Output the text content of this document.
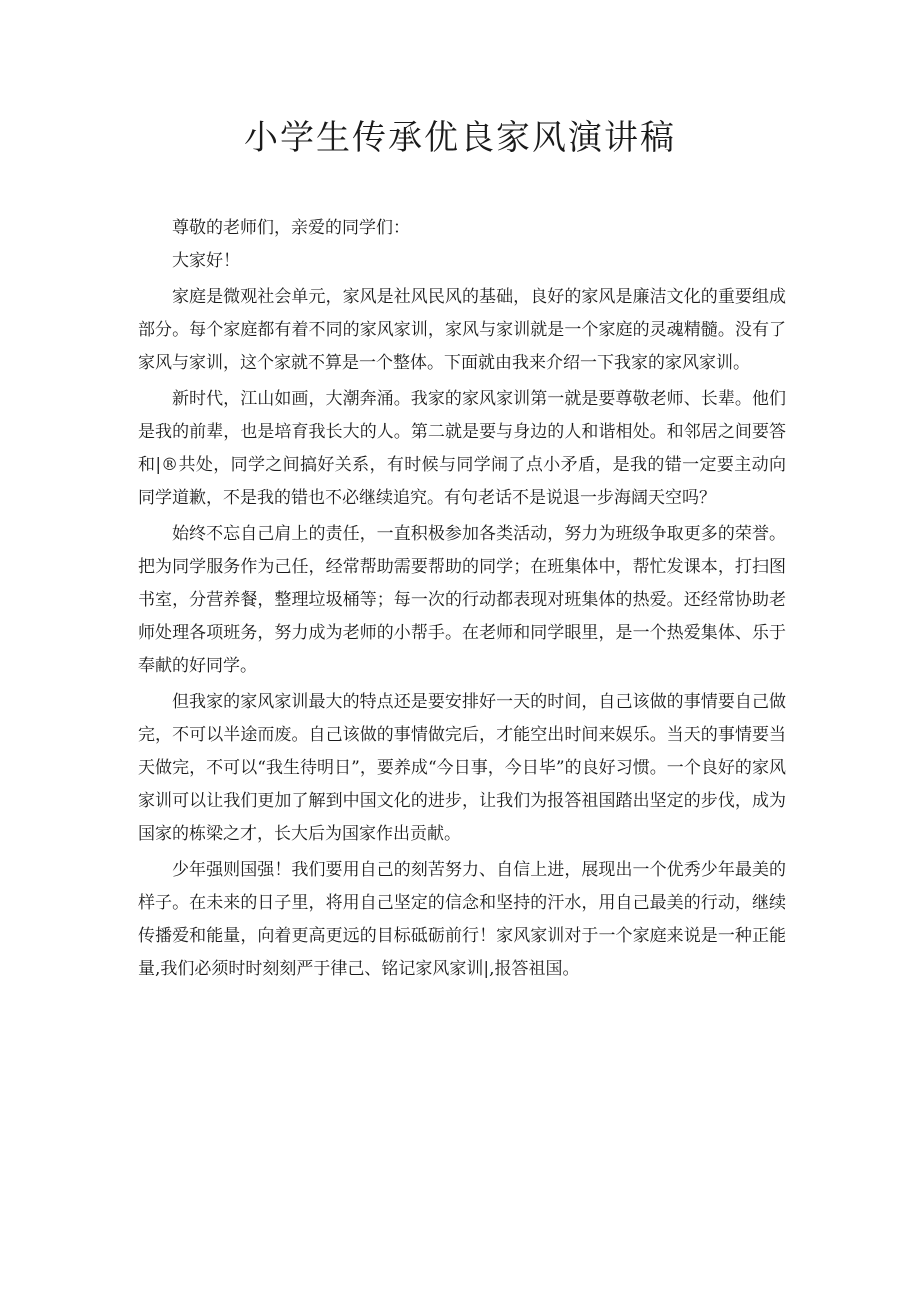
小学生传承优良家风演讲稿

尊敬的老师们，亲爱的同学们：

大家好！

家庭是微观社会单元，家风是社风民风的基础，良好的家风是廉洁文化的重要组成部分。每个家庭都有着不同的家风家训，家风与家训就是一个家庭的灵魂精髓。没有了家风与家训，这个家就不算是一个整体。下面就由我来介绍一下我家的家风家训。

新时代，江山如画，大潮奔涌。我家的家风家训第一就是要尊敬老师、长辈。他们是我的前辈，也是培育我长大的人。第二就是要与身边的人和谐相处。和邻居之间要答和|®共处，同学之间搞好关系，有时候与同学闹了点小矛盾，是我的错一定要主动向同学道歉，不是我的错也不必继续追究。有句老话不是说退一步海阔天空吗？

始终不忘自己肩上的责任，一直积极参加各类活动，努力为班级争取更多的荣誉。把为同学服务作为己任，经常帮助需要帮助的同学；在班集体中，帮忙发课本，打扫图书室，分营养餐，整理垃圾桶等；每一次的行动都表现对班集体的热爱。还经常协助老师处理各项班务，努力成为老师的小帮手。在老师和同学眼里，是一个热爱集体、乐于奉献的好同学。

但我家的家风家训最大的特点还是要安排好一天的时间，自己该做的事情要自己做完，不可以半途而废。自己该做的事情做完后，才能空出时间来娱乐。当天的事情要当天做完，不可以“我生待明日”，要养成“今日事，今日毕”的良好习惯。一个良好的家风家训可以让我们更加了解到中国文化的进步，让我们为报答祖国踏出坚定的步伐，成为国家的栋梁之才，长大后为国家作出贡献。

少年强则国强！我们要用自己的刻苦努力、自信上进，展现出一个优秀少年最美的样子。在未来的日子里，将用自己坚定的信念和坚持的汗水，用自己最美的行动，继续传播爱和能量，向着更高更远的目标砥砺前行！家风家训对于一个家庭来说是一种正能量,我们必须时时刻刻严于律己、铭记家风家训|,报答祖国。
